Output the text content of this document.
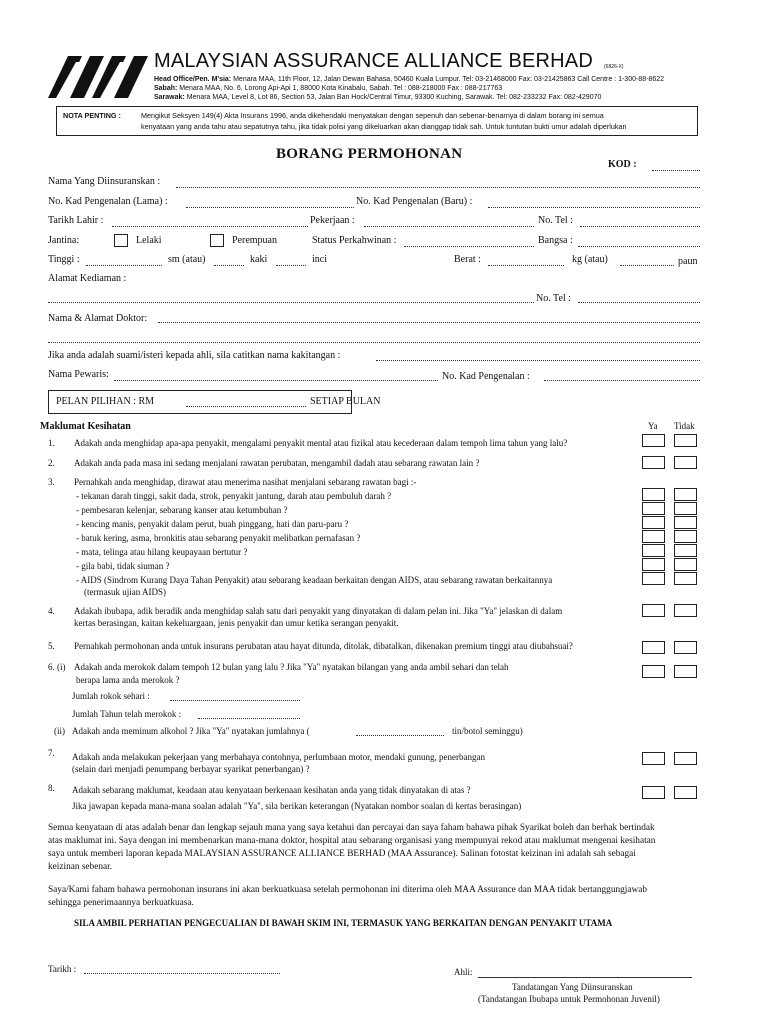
MALAYSIAN ASSURANCE ALLIANCE BERHAD (6826-X)
Head Office/Pen. M'sia: Menara MAA, 11th Floor, 12, Jalan Dewan Bahasa, 50460 Kuala Lumpur. Tel: 03-21468000 Fax: 03-21425863 Call Centre : 1-300-88-8622
Sabah: Menara MAA, No. 6, Lorong Api-Api 1, 88000 Kota Kinabalu, Sabah. Tel : 088-218000 Fax : 088-217763
Sarawak: Menara MAA, Level 8, Lot 86, Section 53, Jalan Ban Hock/Central Timur, 93300 Kuching, Sarawak. Tel: 082-233232 Fax: 082-429070
NOTA PENTING :	Mengikut Seksyen 149(4) Akta Insurans 1996, anda dikehendaki menyatakan dengan sepenuh dan sebenar-benarnya di dalam borang ini semua
kenyataan yang anda tahu atau sepatutnya tahu, jika tidak polisi yang dikeluarkan akan dianggap tidak sah. Untuk tuntutan bukti umur adalah diperlukan
BORANG PERMOHONAN
KOD :
Nama Yang Diinsuranskan :
No. Kad Pengenalan (Lama) :	No. Kad Pengenalan (Baru) :
Tarikh Lahir :	Pekerjaan :	No. Tel :
Jantina:	Lelaki	Perempuan	Status Perkahwinan :	Bangsa :
Tinggi :	sm (atau)	kaki	inci	Berat :	kg (atau)	paun
Alamat Kediaman :
No. Tel :
Nama & Alamat Doktor:
Jika anda adalah suami/isteri kepada ahli, sila catitkan nama kakitangan :
Nama Pewaris:	No. Kad Pengenalan :
PELAN PILIHAN : RM	SETIAP BULAN
Maklumat Kesihatan	Ya Tidak
1. Adakah anda menghidap apa-apa penyakit, mengalami penyakit mental atau fizikal atau kecederaan dalam tempoh lima tahun yang lalu?
2. Adakah anda pada masa ini sedang menjalani rawatan perubatan, mengambil dadah atau sebarang rawatan lain ?
3. Pernahkah anda menghidap, dirawat atau menerima nasihat menjalani sebarang rawatan bagi :-
- tekanan darah tinggi, sakit dada, strok, penyakit jantung, darah atau pembuluh darah ?
- pembesaran kelenjar, sebarang kanser atau ketumbuhan ?
- kencing manis, penyakit dalam perut, buah pinggang, hati dan paru-paru ?
- batuk kering, asma, bronkitis atau sebarang penyakit melibatkan pernafasan ?
- mata, telinga atau hilang keupayaan bertutur ?
- gila babi, tidak siuman ?
- AIDS (Sindrom Kurang Daya Tahan Penyakit) atau sebarang keadaan berkaitan dengan AIDS, atau sebarang rawatan berkaitannya
(termasuk ujian AIDS)
4. Adakah ibubapa, adik beradik anda menghidap salah satu dari penyakit yang dinyatakan di dalam pelan ini. Jika "Ya" jelaskan di dalam
kertas berasingan, kaitan kekeluargaan, jenis penyakit dan umur ketika serangan penyakit.
5. Pernahkah permohonan anda untuk insurans perubatan atau hayat ditunda, ditolak, dibatalkan, dikenakan premium tinggi atau diubahsuai?
6. (i) Adakah anda merokok dalam tempoh 12 bulan yang lalu ? Jika "Ya" nyatakan bilangan yang anda ambil sehari dan telah
berapa lama anda merokok ?
Jumlah rokok sehari :
Jumlah Tahun telah merokok :
(ii) Adakah anda meminum alkohol ? Jika "Ya" nyatakan jumlahnya (	tin/botol seminggu)
7. Adakah anda melakukan pekerjaan yang merbahaya contohnya, perlumbaan motor, mendaki gunung, penerbangan
(selain dari menjadi penumpang berbayar syarikat penerbangan) ?
8. Adakah sebarang maklumat, keadaan atau kenyataan berkenaan kesihatan anda yang tidak dinyatakan di atas ?
Jika jawapan kepada mana-mana soalan adalah "Ya", sila berikan keterangan (Nyatakan nombor soalan di kertas berasingan)
Semua kenyataan di atas adalah benar dan lengkap sejauh mana yang saya ketahui dan percayai dan saya faham bahawa pihak Syarikat boleh dan berhak bertindak
atas maklumat ini. Saya dengan ini membenarkan mana-mana doktor, hospital atau sebarang organisasi yang mempunyai rekod atau maklumat mengenai kesihatan
saya untuk memberi laporan kepada MALAYSIAN ASSURANCE ALLIANCE BERHAD (MAA Assurance). Salinan fotostat keizinan ini adalah sah sebagai
keizinan sebenar.
Saya/Kami faham bahawa permohonan insurans ini akan berkuatkuasa setelah permohonan ini diterima oleh MAA Assurance dan MAA tidak bertanggungjawab
sehingga penerimaannya berkuatkuasa.
SILA AMBIL PERHATIAN PENGECUALIAN DI BAWAH SKIM INI, TERMASUK YANG BERKAITAN DENGAN PENYAKIT UTAMA
Tarikh :	Ahli:
Tandatangan Yang Diinsuranskan
(Tandatangan Ibubapa untuk Permohonan Juvenil)
